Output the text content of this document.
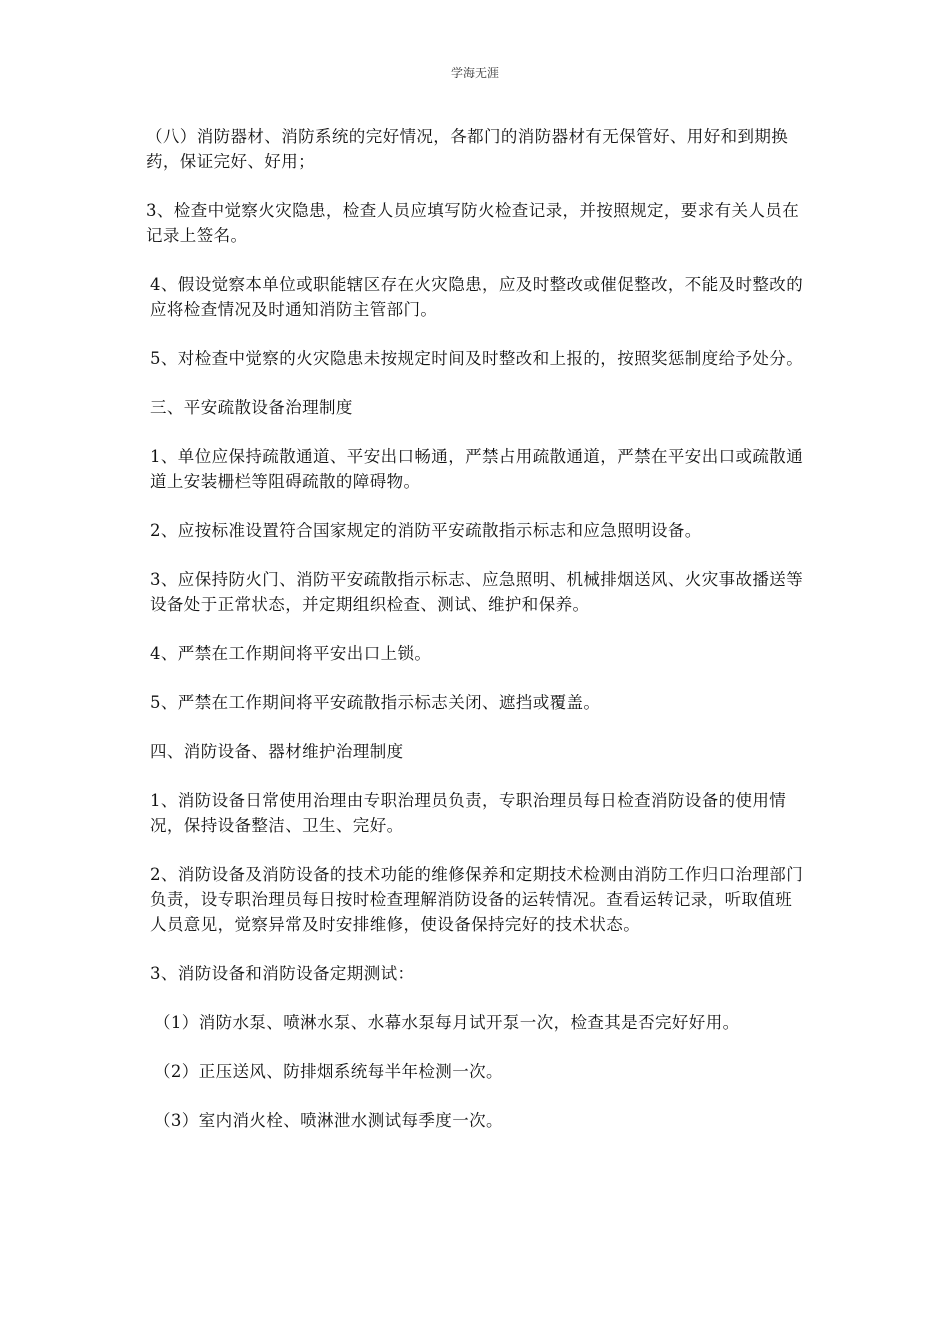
学海无涯

（八）消防器材、消防系统的完好情况，各都门的消防器材有无保管好、用好和到期换药，保证完好、好用；

3、检查中觉察火灾隐患，检查人员应填写防火检查记录，并按照规定，要求有关人员在记录上签名。

4、假设觉察本单位或职能辖区存在火灾隐患，应及时整改或催促整改，不能及时整改的应将检查情况及时通知消防主管部门。

5、对检查中觉察的火灾隐患未按规定时间及时整改和上报的，按照奖惩制度给予处分。

三、平安疏散设备治理制度

1、单位应保持疏散通道、平安出口畅通，严禁占用疏散通道，严禁在平安出口或疏散通道上安装栅栏等阻碍疏散的障碍物。

2、应按标准设置符合国家规定的消防平安疏散指示标志和应急照明设备。

3、应保持防火门、消防平安疏散指示标志、应急照明、机械排烟送风、火灾事故播送等设备处于正常状态，并定期组织检查、测试、维护和保养。

4、严禁在工作期间将平安出口上锁。

5、严禁在工作期间将平安疏散指示标志关闭、遮挡或覆盖。

四、消防设备、器材维护治理制度

1、消防设备日常使用治理由专职治理员负责，专职治理员每日检查消防设备的使用情况，保持设备整洁、卫生、完好。

2、消防设备及消防设备的技术功能的维修保养和定期技术检测由消防工作归口治理部门负责，设专职治理员每日按时检查理解消防设备的运转情况。查看运转记录，听取值班人员意见，觉察异常及时安排维修，使设备保持完好的技术状态。

3、消防设备和消防设备定期测试：

（1）消防水泵、喷淋水泵、水幕水泵每月试开泵一次，检查其是否完好好用。

（2）正压送风、防排烟系统每半年检测一次。

（3）室内消火栓、喷淋泄水测试每季度一次。
